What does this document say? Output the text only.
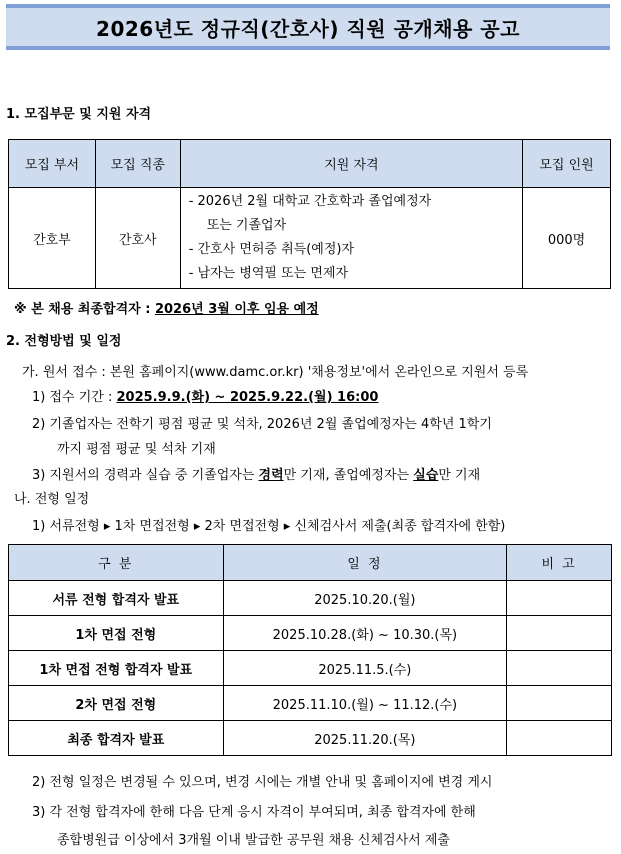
2026년도 정규직(간호사) 직원 공개채용 공고
1. 모집부문 및 지원 자격
모집 부서	모집 직종	지원 자격	모집 인원
간호부	간호사	- 2026년 2월 대학교 간호학과 졸업예정자
또는 기졸업자
- 간호사 면허증 취득(예정)자
- 남자는 병역필 또는 면제자	000명
※ 본 채용 최종합격자 : 2026년 3월 이후 임용 예정
2. 전형방법 및 일정
가. 원서 접수 : 본원 홈페이지(www.damc.or.kr) '채용정보'에서 온라인으로 지원서 등록
1) 접수 기간 : 2025.9.9.(화) ~ 2025.9.22.(월) 16:00
2) 기졸업자는 전학기 평점 평균 및 석차, 2026년 2월 졸업예정자는 4학년 1학기
까지 평점 평균 및 석차 기재
3) 지원서의 경력과 실습 중 기졸업자는 경력만 기재, 졸업예정자는 실습만 기재
나. 전형 일정
1) 서류전형 ▸ 1차 면접전형 ▸ 2차 면접전형 ▸ 신체검사서 제출(최종 합격자에 한함)
구 분	일 정	비 고
서류 전형 합격자 발표	2025.10.20.(월)	
1차 면접 전형	2025.10.28.(화) ~ 10.30.(목)	
1차 면접 전형 합격자 발표	2025.11.5.(수)	
2차 면접 전형	2025.11.10.(월) ~ 11.12.(수)	
최종 합격자 발표	2025.11.20.(목)	
2) 전형 일정은 변경될 수 있으며, 변경 시에는 개별 안내 및 홈페이지에 변경 게시
3) 각 전형 합격자에 한해 다음 단계 응시 자격이 부여되며, 최종 합격자에 한해
종합병원급 이상에서 3개월 이내 발급한 공무원 채용 신체검사서 제출
